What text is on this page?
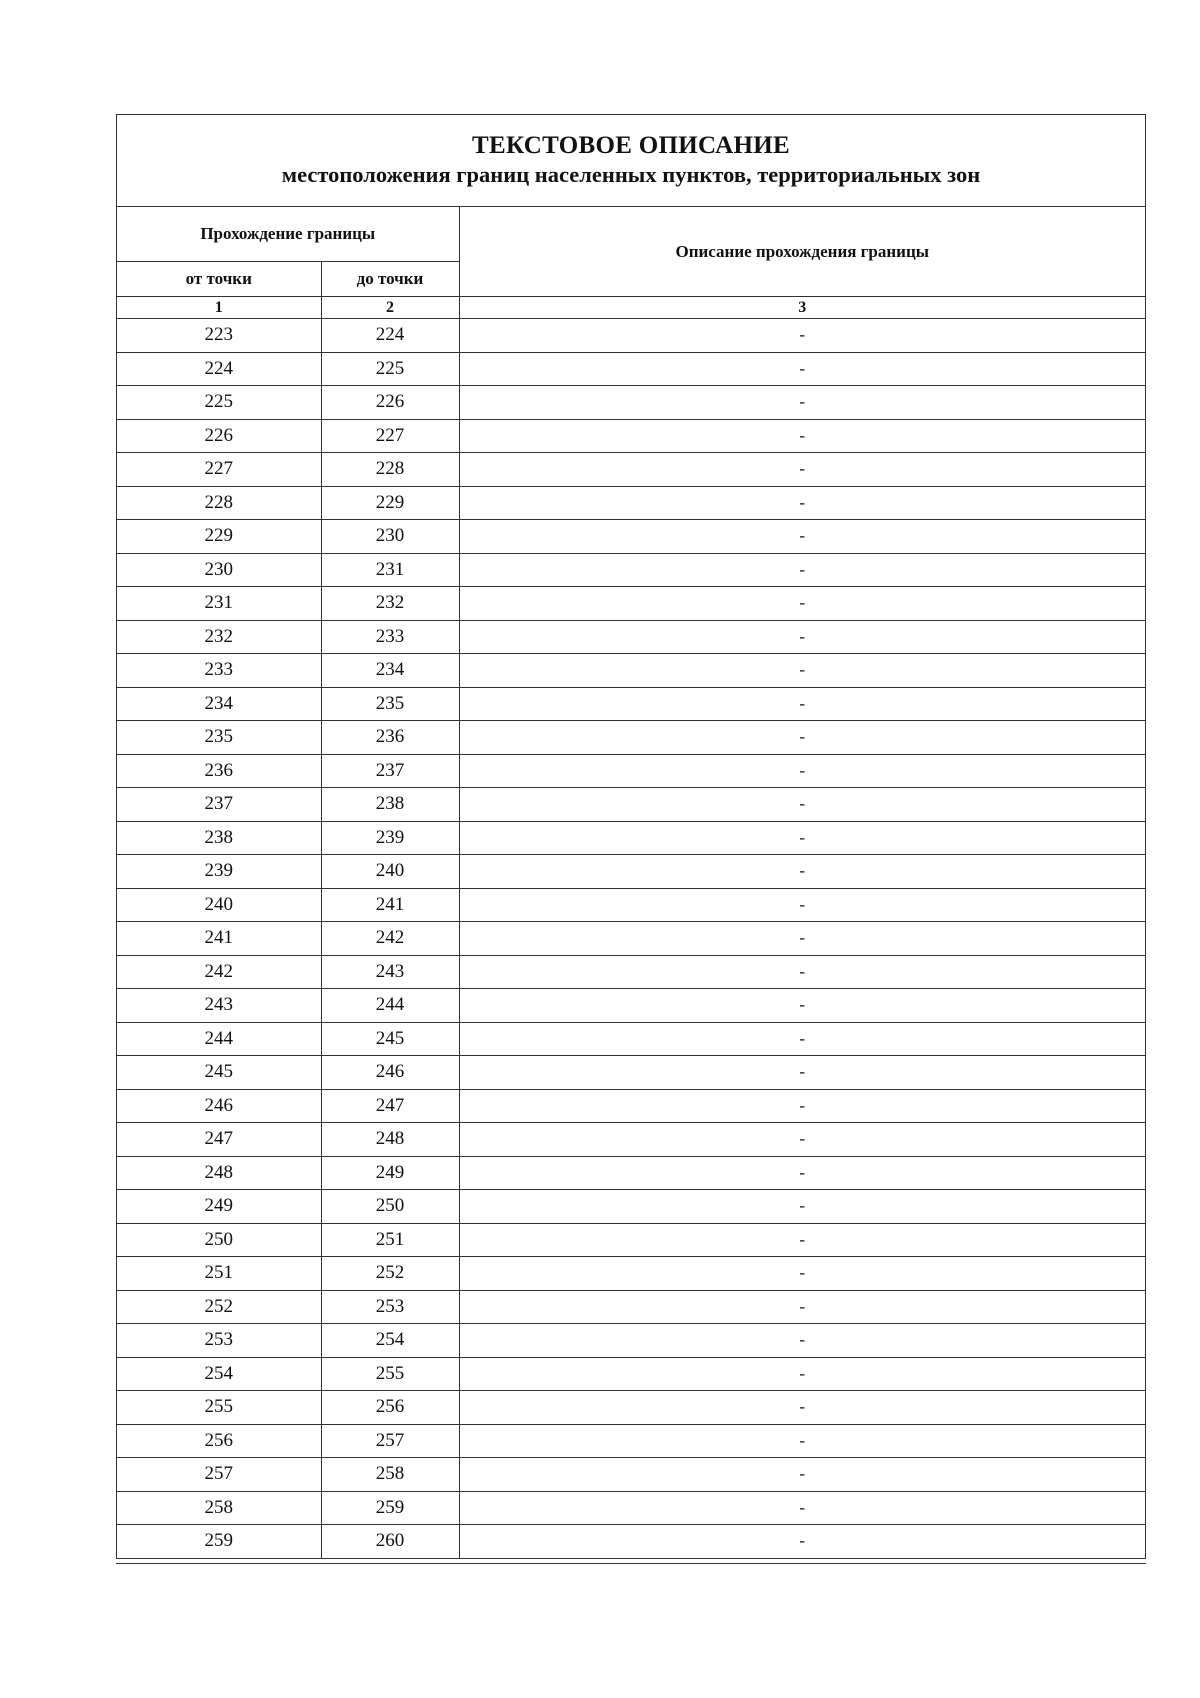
ТЕКСТОВОЕ ОПИСАНИЕ
местоположения границ населенных пунктов, территориальных зон
Прохождение границы		Описание прохождения границы
от точки	до точки	
1	2	3
223	224	-
224	225	-
225	226	-
226	227	-
227	228	-
228	229	-
229	230	-
230	231	-
231	232	-
232	233	-
233	234	-
234	235	-
235	236	-
236	237	-
237	238	-
238	239	-
239	240	-
240	241	-
241	242	-
242	243	-
243	244	-
244	245	-
245	246	-
246	247	-
247	248	-
248	249	-
249	250	-
250	251	-
251	252	-
252	253	-
253	254	-
254	255	-
255	256	-
256	257	-
257	258	-
258	259	-
259	260	-
